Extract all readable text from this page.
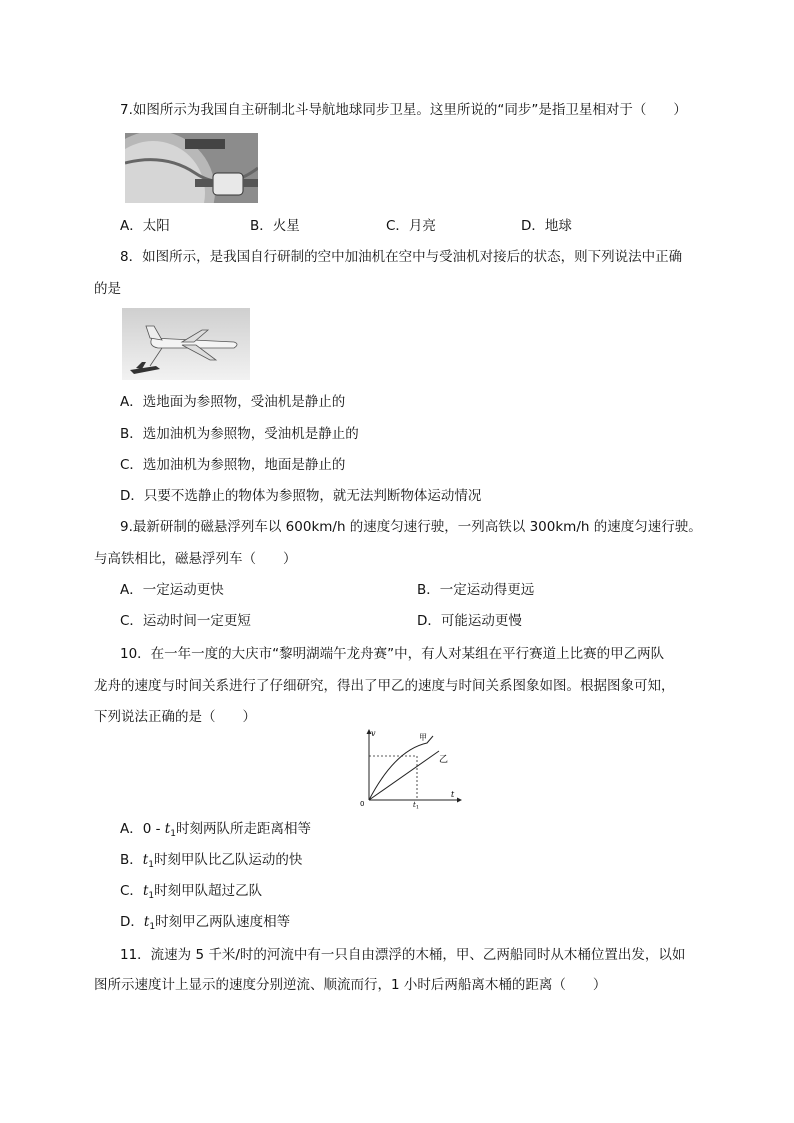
7.如图所示为我国自主研制北斗导航地球同步卫星。这里所说的“同步”是指卫星相对于（　　）
A．太阳	B．火星	C．月亮	D．地球
8．如图所示，是我国自行研制的空中加油机在空中与受油机对接后的状态，则下列说法中正确
的是
A．选地面为参照物，受油机是静止的
B．选加油机为参照物，受油机是静止的
C．选加油机为参照物，地面是静止的
D．只要不选静止的物体为参照物，就无法判断物体运动情况
9.最新研制的磁悬浮列车以 600km/h 的速度匀速行驶，一列高铁以 300km/h 的速度匀速行驶。
与高铁相比，磁悬浮列车（　　）
A．一定运动更快	B．一定运动得更远
C．运动时间一定更短	D．可能运动更慢
10．在一年一度的大庆市“黎明湖端午龙舟赛”中，有人对某组在平行赛道上比赛的甲乙两队
龙舟的速度与时间关系进行了仔细研究，得出了甲乙的速度与时间关系图象如图。根据图象可知，
下列说法正确的是（　　）
v
t
0
甲
乙
$t_1$
A．$0 - t_1$时刻两队所走距离相等
B．$t_1$时刻甲队比乙队运动的快
C．$t_1$时刻甲队超过乙队
D．$t_1$时刻甲乙两队速度相等
11．流速为 5 千米/时的河流中有一只自由漂浮的木桶，甲、乙两船同时从木桶位置出发，以如
图所示速度计上显示的速度分别逆流、顺流而行，1 小时后两船离木桶的距离（　　）
